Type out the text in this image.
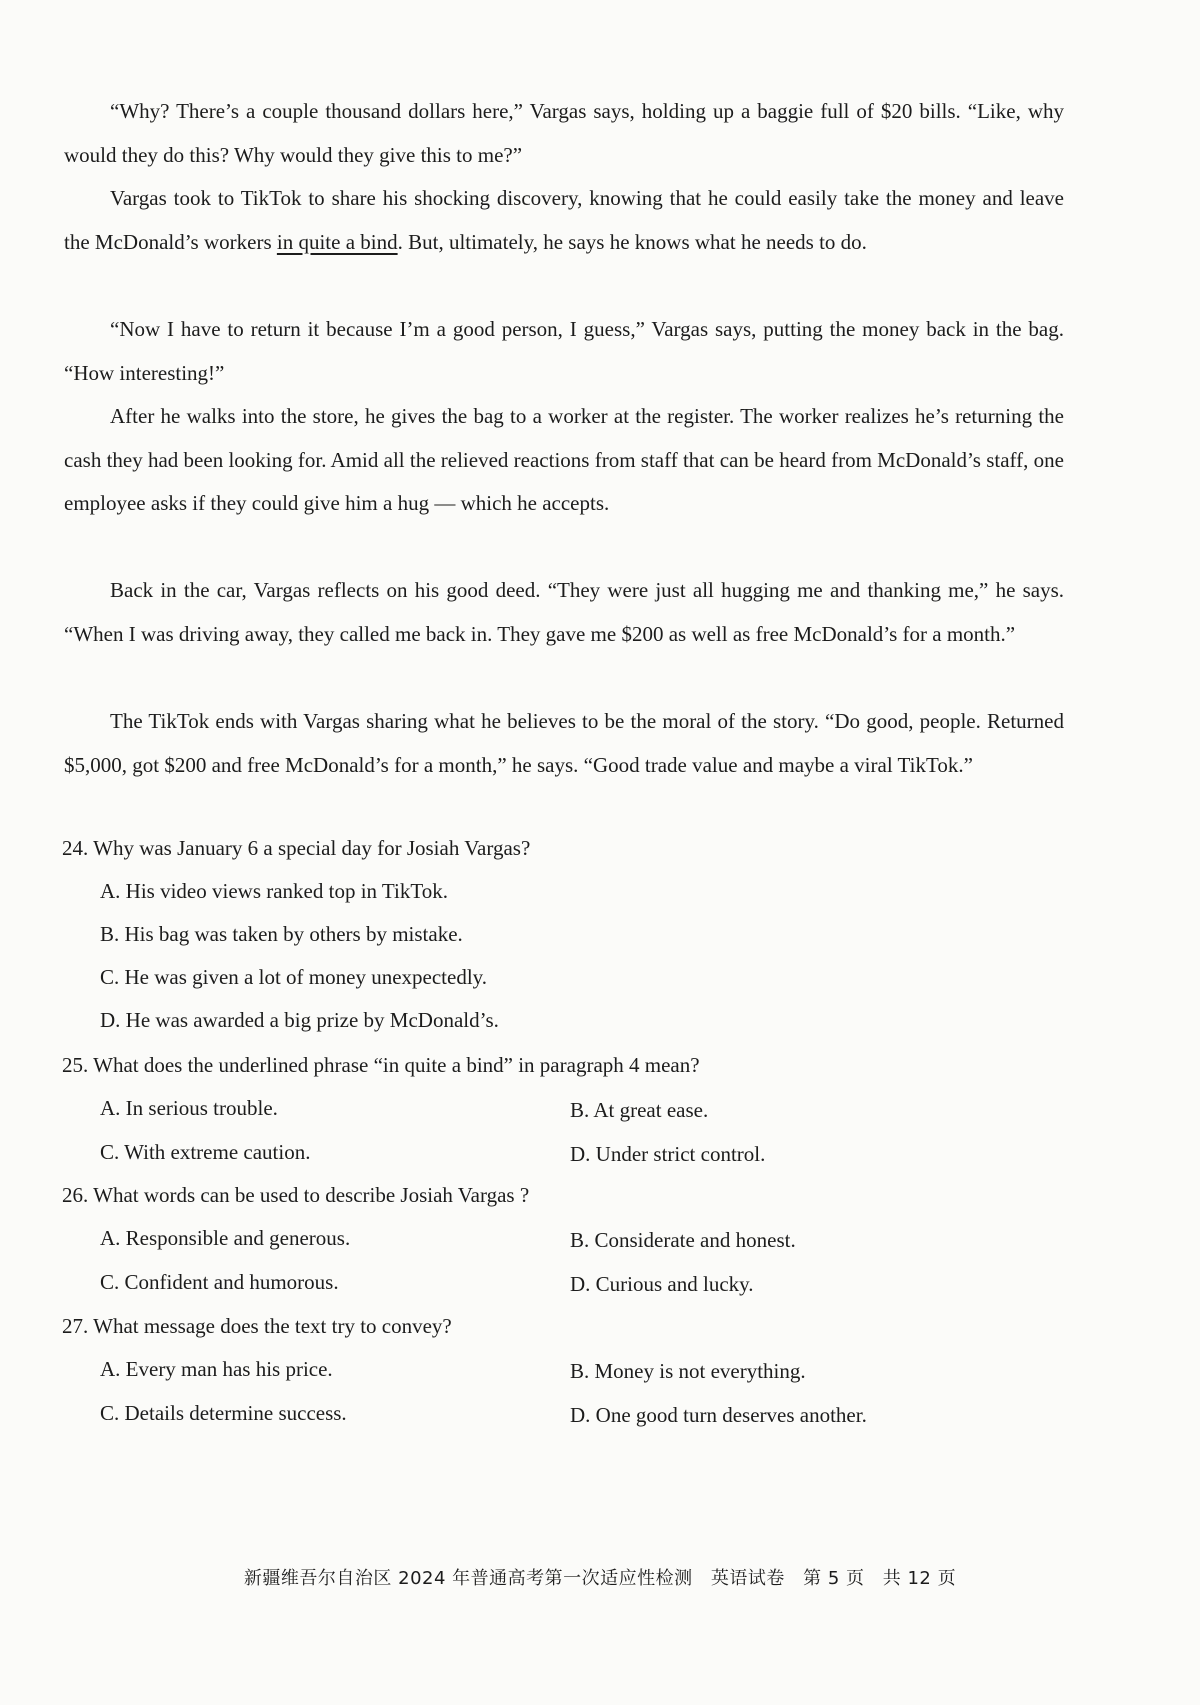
“Why? There’s a couple thousand dollars here,” Vargas says, holding up a baggie full of $20 bills. “Like, why would they do this? Why would they give this to me?”
Vargas took to TikTok to share his shocking discovery, knowing that he could easily take the money and leave the McDonald’s workers in quite a bind. But, ultimately, he says he knows what he needs to do.
“Now I have to return it because I’m a good person, I guess,” Vargas says, putting the money back in the bag. “How interesting!”
After he walks into the store, he gives the bag to a worker at the register. The worker realizes he’s returning the cash they had been looking for. Amid all the relieved reactions from staff that can be heard from McDonald’s staff, one employee asks if they could give him a hug — which he accepts.
Back in the car, Vargas reflects on his good deed. “They were just all hugging me and thanking me,” he says. “When I was driving away, they called me back in. They gave me $200 as well as free McDonald’s for a month.”
The TikTok ends with Vargas sharing what he believes to be the moral of the story. “Do good, people. Returned $5,000, got $200 and free McDonald’s for a month,” he says. “Good trade value and maybe a viral TikTok.”
24. Why was January 6 a special day for Josiah Vargas?
A. His video views ranked top in TikTok.
B. His bag was taken by others by mistake.
C. He was given a lot of money unexpectedly.
D. He was awarded a big prize by McDonald’s.
25. What does the underlined phrase “in quite a bind” in paragraph 4 mean?
A. In serious trouble.	B. At great ease.
C. With extreme caution.	D. Under strict control.
26. What words can be used to describe Josiah Vargas ?
A. Responsible and generous.	B. Considerate and honest.
C. Confident and humorous.	D. Curious and lucky.
27. What message does the text try to convey?
A. Every man has his price.	B. Money is not everything.
C. Details determine success.	D. One good turn deserves another.
新疆维吾尔自治区 2024 年普通高考第一次适应性检测 英语试卷 第 5 页 共 12 页
